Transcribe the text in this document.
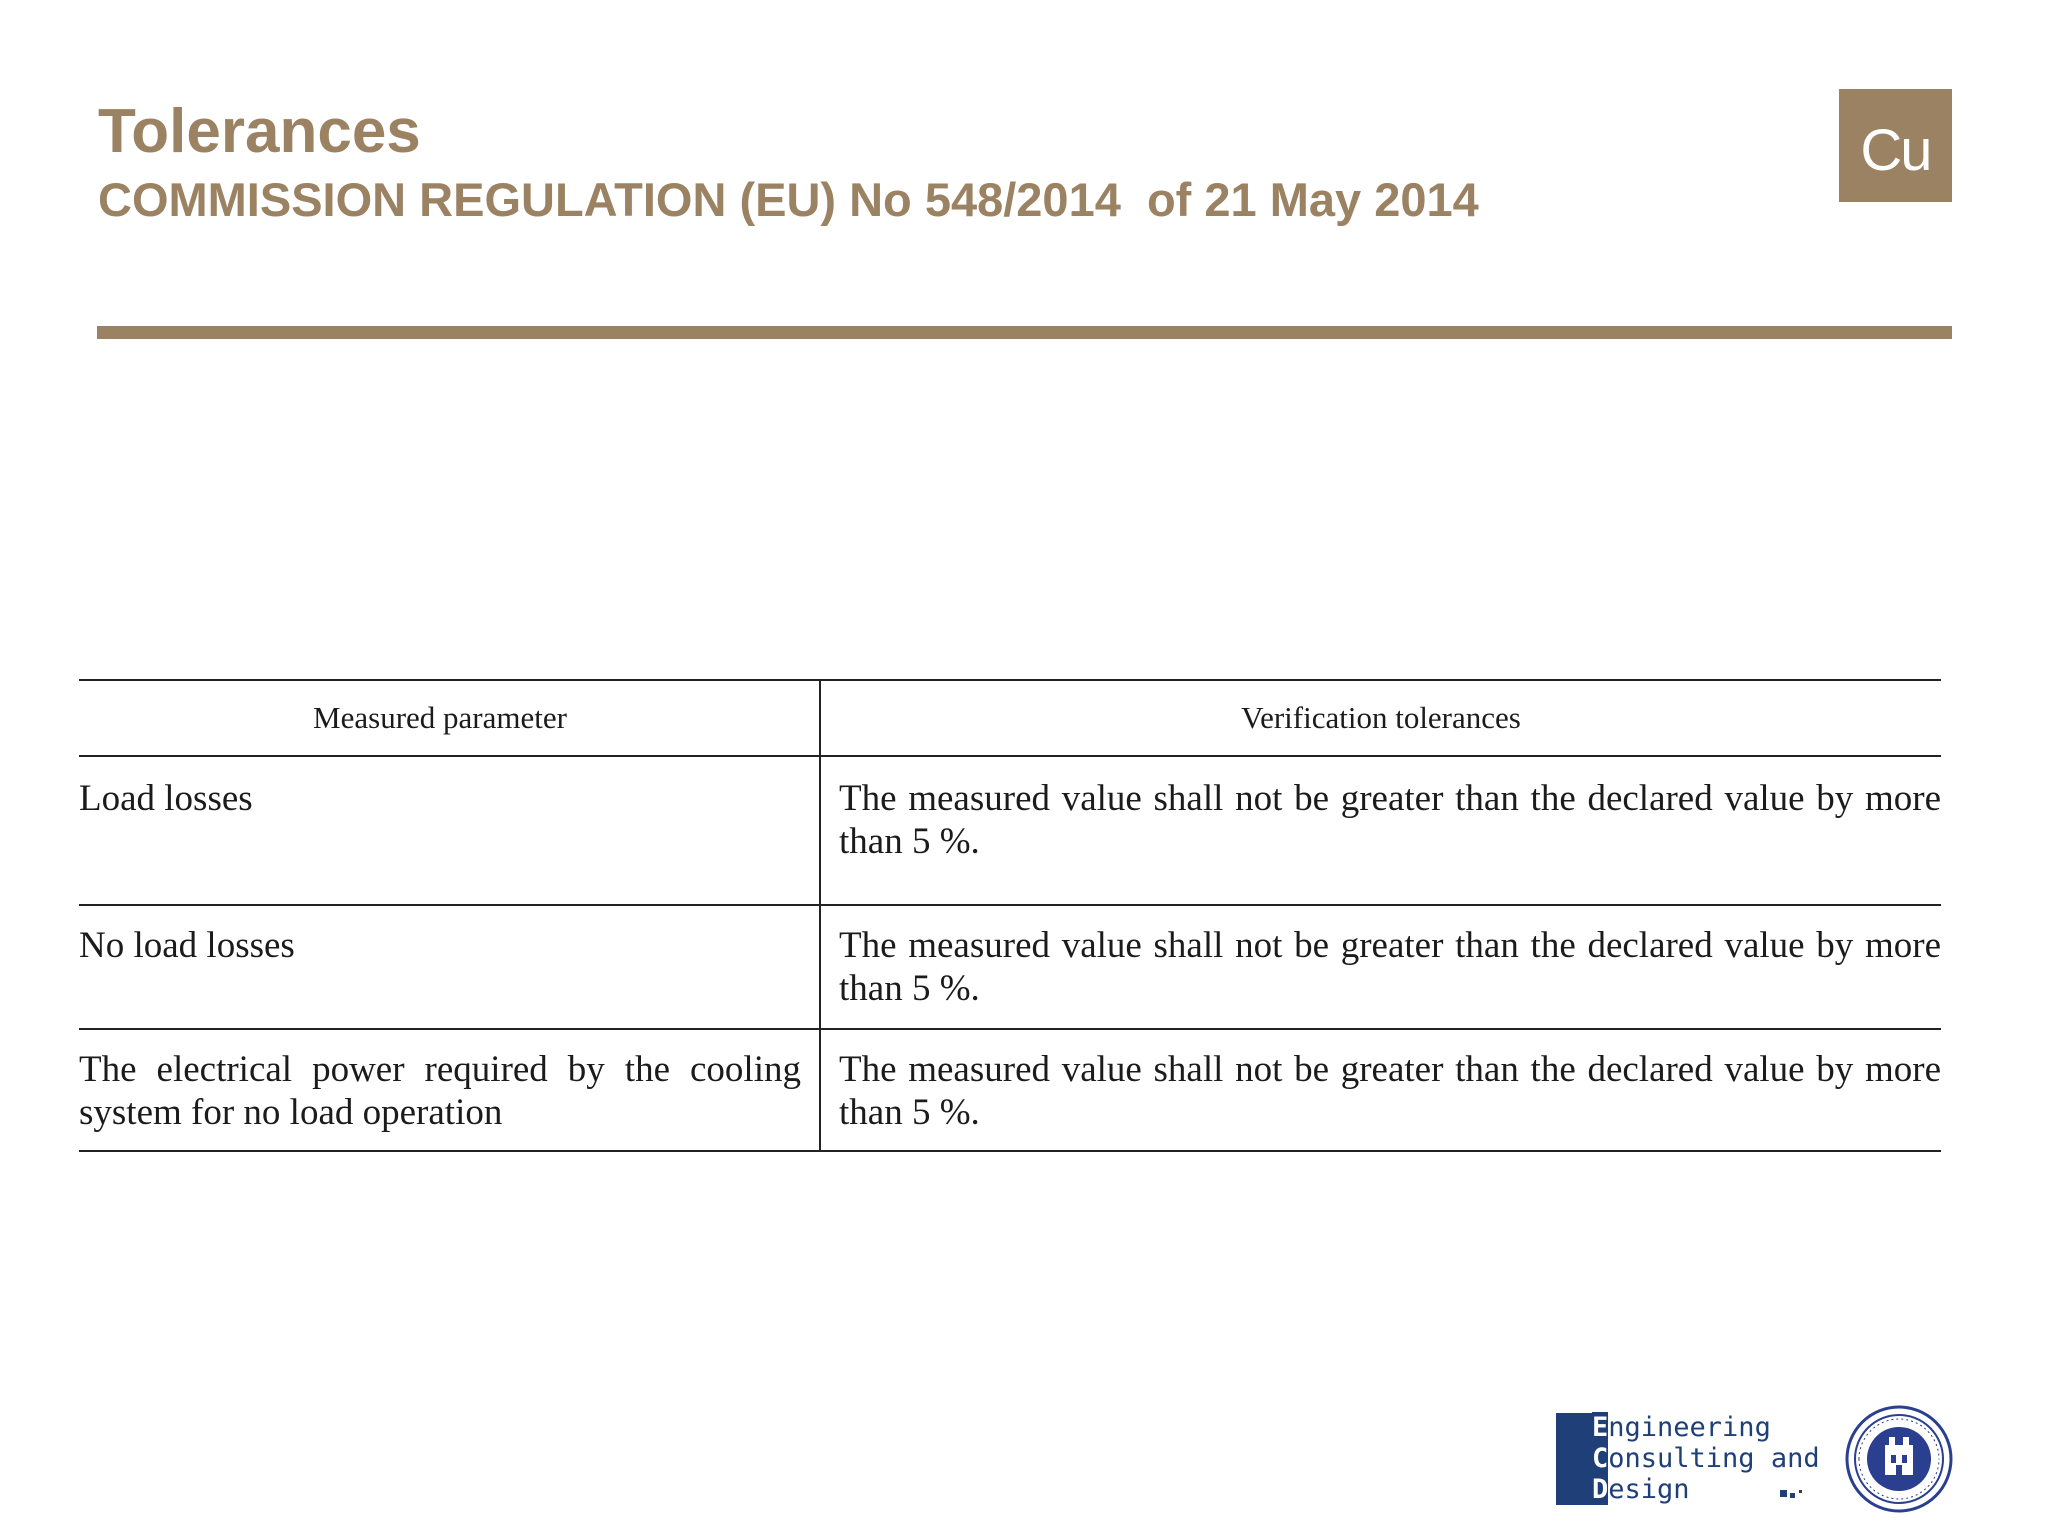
Tolerances
COMMISSION REGULATION (EU) No 548/2014  of 21 May 2014
Cu
Measured parameter	Verification tolerances
Load losses	The measured value shall not be greater than the declared value by more than 5 %.
No load losses	The measured value shall not be greater than the declared value by more than 5 %.
The electrical power required by the cooling system for no load operation	The measured value shall not be greater than the declared value by more than 5 %.
Engineering
Consulting and
Design
